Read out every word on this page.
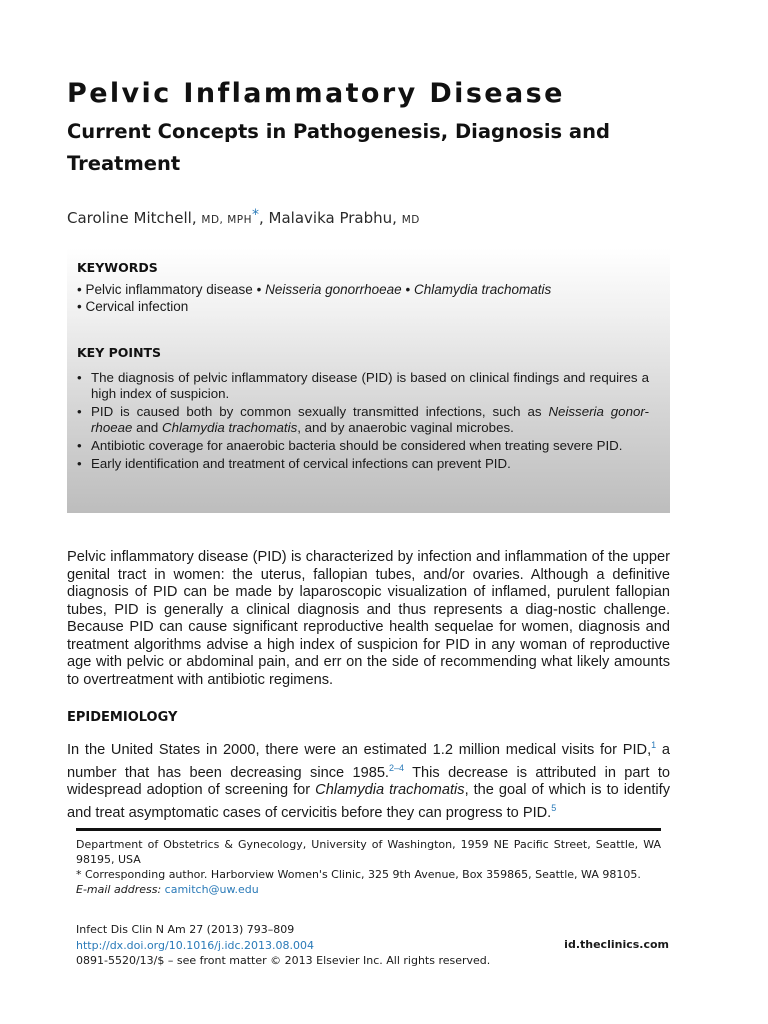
Pelvic Inflammatory Disease
Current Concepts in Pathogenesis, Diagnosis and Treatment
Caroline Mitchell, MD, MPH*, Malavika Prabhu, MD
KEYWORDS
• Pelvic inflammatory disease • Neisseria gonorrhoeae • Chlamydia trachomatis
• Cervical infection
KEY POINTS
• The diagnosis of pelvic inflammatory disease (PID) is based on clinical findings and requires a high index of suspicion.
• PID is caused both by common sexually transmitted infections, such as Neisseria gonor-rhoeae and Chlamydia trachomatis, and by anaerobic vaginal microbes.
• Antibiotic coverage for anaerobic bacteria should be considered when treating severe PID.
• Early identification and treatment of cervical infections can prevent PID.

Pelvic inflammatory disease (PID) is characterized by infection and inflammation of the upper genital tract in women: the uterus, fallopian tubes, and/or ovaries. Although a definitive diagnosis of PID can be made by laparoscopic visualization of inflamed, purulent fallopian tubes, PID is generally a clinical diagnosis and thus represents a diag-nostic challenge. Because PID can cause significant reproductive health sequelae for women, diagnosis and treatment algorithms advise a high index of suspicion for PID in any woman of reproductive age with pelvic or abdominal pain, and err on the side of recommending what likely amounts to overtreatment with antibiotic regimens.

EPIDEMIOLOGY

In the United States in 2000, there were an estimated 1.2 million medical visits for PID,$^1$ a number that has been decreasing since 1985.$^{2-4}$ This decrease is attributed in part to widespread adoption of screening for Chlamydia trachomatis, the goal of which is to identify and treat asymptomatic cases of cervicitis before they can progress to PID.$^5$

Department of Obstetrics & Gynecology, University of Washington, 1959 NE Pacific Street, Seattle, WA 98195, USA
* Corresponding author. Harborview Women's Clinic, 325 9th Avenue, Box 359865, Seattle, WA 98105.
E-mail address: camitch@uw.edu
Infect Dis Clin N Am 27 (2013) 793–809
http://dx.doi.org/10.1016/j.idc.2013.08.004
0891-5520/13/$ – see front matter © 2013 Elsevier Inc. All rights reserved.
id.theclinics.com
